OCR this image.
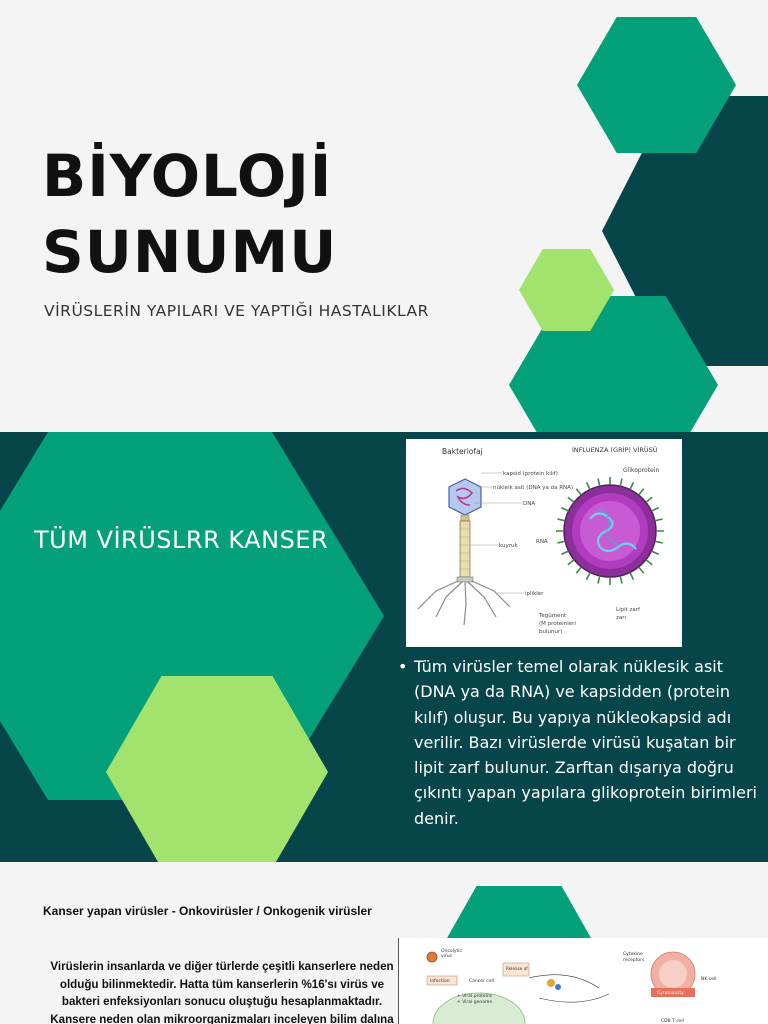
BİYOLOJİ
SUNUMU
VİRÜSLERİN YAPILARI VE YAPTIĞI HASTALIKLAR
TÜM VİRÜSLRR KANSER
Bakteriofaj	İNFLUENZA (GRİP) VİRÜSÜ
kapsid (protein kılıf)
nükleik asit (DNA ya da RNA)
DNA
Glikoprotein
kuyruk
RNA
iplikler
Tegüment
(M proteinleri
bulunur)
Lipit zarf
zarı
• Tüm virüsler temel olarak nüklesik asit (DNA ya da RNA) ve kapsidden (protein kılıf) oluşur. Bu yapıya nükleokapsid adı verilir. Bazı virüslerde virüsü kuşatan bir lipit zarf bulunur. Zarftan dışarıya doğru çıkıntı yapan yapılara glikoprotein birimleri denir.
Kanser yapan virüsler - Onkovirüsler / Onkogenik virüsler
Virüslerin insanlarda ve diğer türlerde çeşitli kanserlere neden
olduğu bilinmektedir. Hatta tüm kanserlerin %16'sı virüs ve
bakteri enfeksiyonları sonucu oluştuğu hesaplanmaktadır.
Kansere neden olan mikroorganizmaları inceleyen bilim dalına
Oncolytic
virus
Infection	Cancer cell
+ Viral proteins
+ Viral genome
Release of
Cytokine
receptors
NK cell
Cytotoxicity
CD8 T cell
